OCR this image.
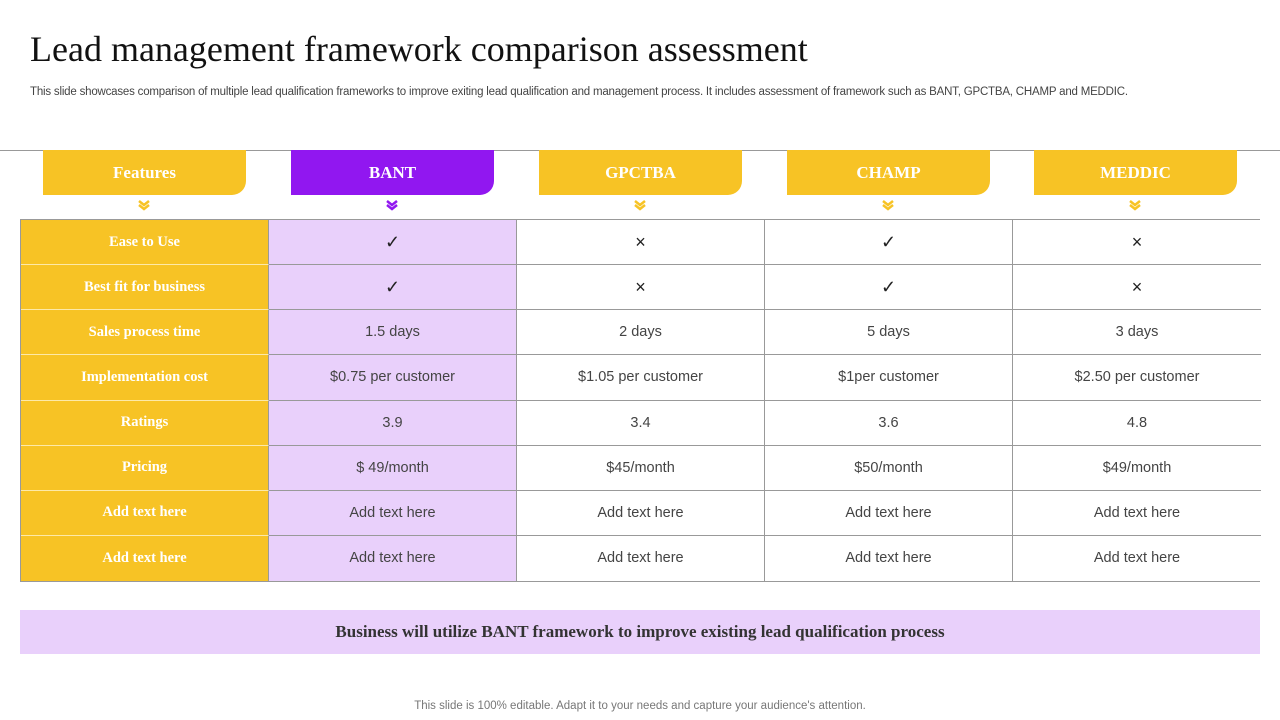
Lead management framework comparison assessment
This slide showcases comparison of multiple lead qualification frameworks to improve exiting lead qualification and management process. It includes assessment of framework such as BANT, GPCTBA, CHAMP and MEDDIC.
Features	BANT	GPCTBA	CHAMP	MEDDIC
Ease to Use	✓	×	✓	×
Best fit for business	✓	×	✓	×
Sales process time	1.5 days	2 days	5 days	3 days
Implementation cost	$0.75 per customer	$1.05 per customer	$1per customer	$2.50 per customer
Ratings	3.9	3.4	3.6	4.8
Pricing	$ 49/month	$45/month	$50/month	$49/month
Add text here	Add text here	Add text here	Add text here	Add text here
Add text here	Add text here	Add text here	Add text here	Add text here
Business will utilize BANT framework to improve existing lead qualification process
This slide is 100% editable. Adapt it to your needs and capture your audience's attention.
